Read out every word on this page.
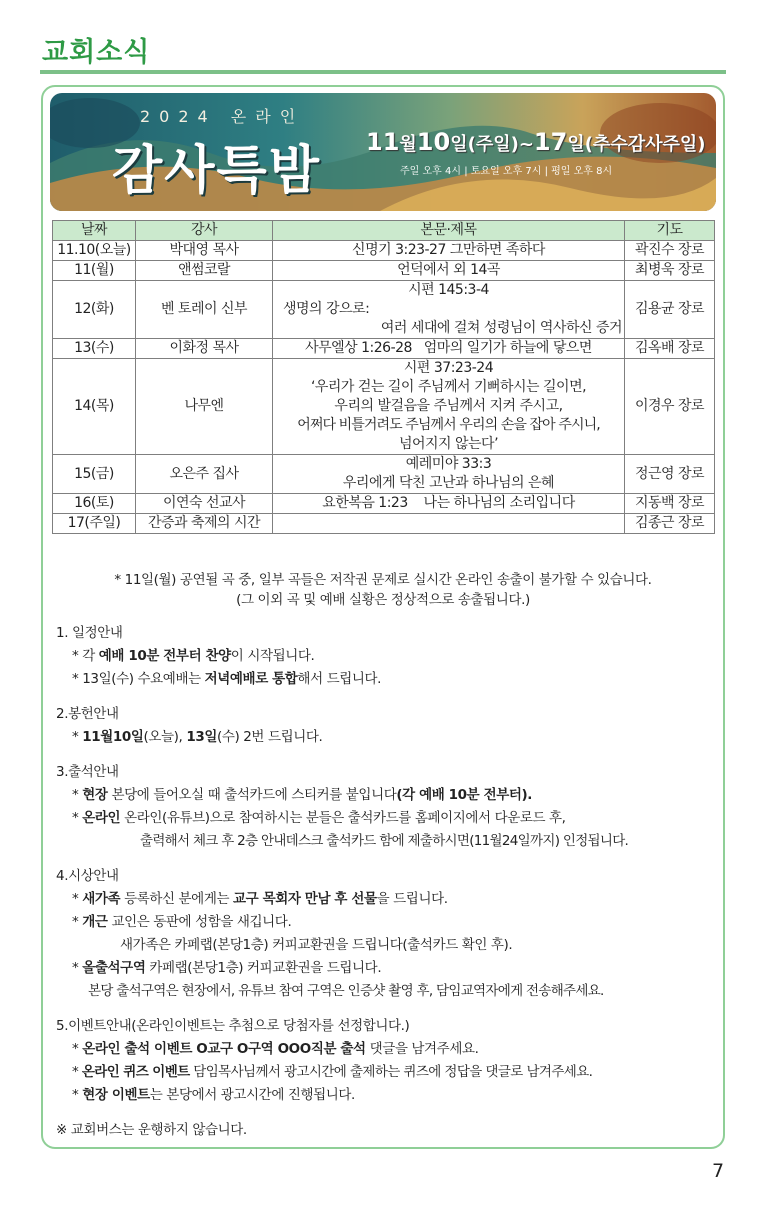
교회소식
2024 온라인
감사특밤 11월10일(주일)~17일(추수감사주일)
주일 오후 4시 | 토요일 오후 7시 | 평일 오후 8시
날짜	강사	본문·제목	기도
11.10(오늘)	박대영 목사	신명기 3:23-27 그만하면 족하다	곽진수 장로
11(월)	앤썸코랄	언덕에서 외 14곡	최병욱 장로
12(화)	벤 토레이 신부	시편 145:3-4
생명의 강으로:
여러 세대에 걸쳐 성령님이 역사하신 증거	김용균 장로
13(수)	이화정 목사	사무엘상 1:26-28   엄마의 일기가 하늘에 닿으면	김옥배 장로
14(목)	나무엔	시편 37:23-24
‘우리가 걷는 길이 주님께서 기뻐하시는 길이면,
우리의 발걸음을 주님께서 지켜 주시고,
어쩌다 비틀거려도 주님께서 우리의 손을 잡아 주시니,
넘어지지 않는다’	이경우 장로
15(금)	오은주 집사	예레미야 33:3
우리에게 닥친 고난과 하나님의 은혜	정근영 장로
16(토)	이연숙 선교사	요한복음 1:23    나는 하나님의 소리입니다	지동백 장로
17(주일)	간증과 축제의 시간		김종근 장로
* 11일(월) 공연될 곡 중, 일부 곡들은 저작권 문제로 실시간 온라인 송출이 불가할 수 있습니다.
(그 이외 곡 및 예배 실황은 정상적으로 송출됩니다.)
1. 일정안내
* 각 예배 10분 전부터 찬양이 시작됩니다.
* 13일(수) 수요예배는 저녁예배로 통합해서 드립니다.
2.봉헌안내
* 11월10일(오늘), 13일(수) 2번 드립니다.
3.출석안내
* 현장 본당에 들어오실 때 출석카드에 스티커를 붙입니다(각 예배 10분 전부터).
* 온라인 온라인(유튜브)으로 참여하시는 분들은 출석카드를 홈페이지에서 다운로드 후,
출력해서 체크 후 2층 안내데스크 출석카드 함에 제출하시면(11월24일까지) 인정됩니다.
4.시상안내
* 새가족 등록하신 분에게는 교구 목회자 만남 후 선물을 드립니다.
* 개근 교인은 동판에 성함을 새깁니다.
새가족은 카페랩(본당1층) 커피교환권을 드립니다(출석카드 확인 후).
* 올출석구역 카페랩(본당1층) 커피교환권을 드립니다.
본당 출석구역은 현장에서, 유튜브 참여 구역은 인증샷 촬영 후, 담임교역자에게 전송해주세요.
5.이벤트안내(온라인이벤트는 추첨으로 당첨자를 선정합니다.)
* 온라인 출석 이벤트 O교구 O구역 OOO직분 출석 댓글을 남겨주세요.
* 온라인 퀴즈 이벤트 담임목사님께서 광고시간에 출제하는 퀴즈에 정답을 댓글로 남겨주세요.
* 현장 이벤트는 본당에서 광고시간에 진행됩니다.
※ 교회버스는 운행하지 않습니다.
7
